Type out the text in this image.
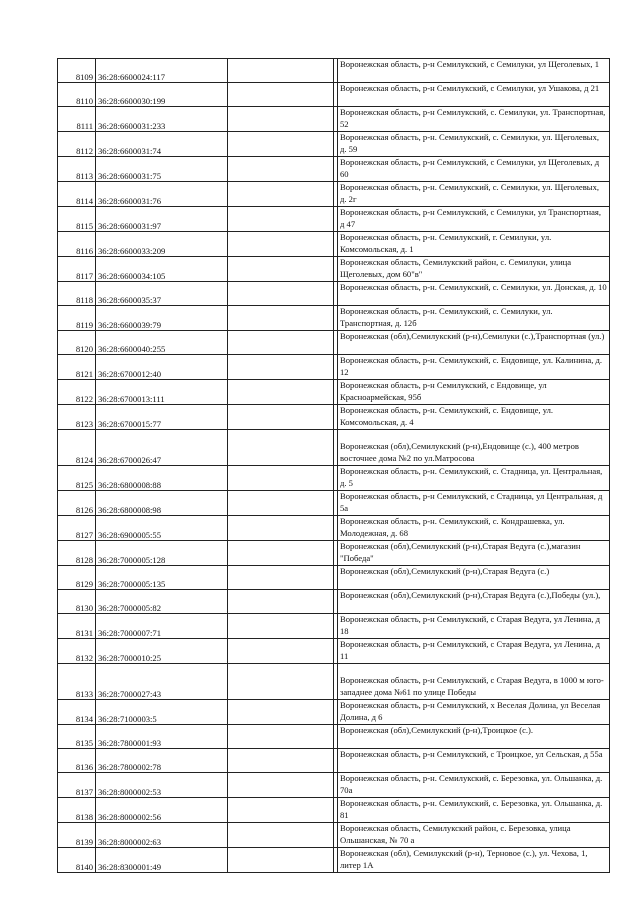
8109	36:28:6600024:117			Воронежская область, р-н Семилукский, с Семилуки, ул Щеголевых, 1

8110	36:28:6600030:199			Воронежская область, р-н Семилукский, с Семилуки, ул Ушакова, д 21

8111	36:28:6600031:233			Воронежская область, р-н Семилукский, с. Семилуки, ул. Транспортная, 52

8112	36:28:6600031:74			Воронежская область, р-н. Семилукский, с. Семилуки, ул. Щеголевых, д. 59

8113	36:28:6600031:75			Воронежская область, р-н Семилукский, с Семилуки, ул Щеголевых, д 60

8114	36:28:6600031:76			Воронежская область, р-н. Семилукский, с. Семилуки, ул. Щеголевых, д. 2г

8115	36:28:6600031:97			Воронежская область, р-н Семилукский, с Семилуки, ул Транспортная, д 47

8116	36:28:6600033:209			Воронежская область, р-н. Семилукский, г. Семилуки, ул. Комсомольская, д. 1

8117	36:28:6600034:105			Воронежская область, Семилукский район, с. Семилуки, улица Щеголевых, дом 60"в"

8118	36:28:6600035:37			Воронежская область, р-н. Семилукский, с. Семилуки, ул. Донская, д. 10

8119	36:28:6600039:79			Воронежская область, р-н. Семилукский, с. Семилуки, ул. Транспортная, д. 12б

8120	36:28:6600040:255			Воронежская (обл),Семилукский (р-н),Семилуки (с.),Транспортная (ул.)

8121	36:28:6700012:40			Воронежская область, р-н. Семилукский, с. Ендовище, ул. Калинина, д. 12

8122	36:28:6700013:111			Воронежская область, р-н Семилукский, с Ендовище, ул Красноармейская, 95б

8123	36:28:6700015:77			Воронежская область, р-н. Семилукский, с. Ендовище, ул. Комсомольская, д. 4

8124	36:28:6700026:47			Воронежская (обл),Семилукский (р-н),Ендовище (с.), 400 метров восточнее дома №2 по ул.Матросова

8125	36:28:6800008:88			Воронежская область, р-н. Семилукский, с. Стадница, ул. Центральная, д. 5

8126	36:28:6800008:98			Воронежская область, р-н Семилукский, с Стадница, ул Центральная, д 5а

8127	36:28:6900005:55			Воронежская область, р-н. Семилукский, с. Кондрашевка, ул. Молодежная, д. 68

8128	36:28:7000005:128			Воронежская (обл),Семилукский (р-н),Старая Ведуга (с.),магазин "Победа"

8129	36:28:7000005:135			Воронежская (обл),Семилукский (р-н),Старая Ведуга (с.)

8130	36:28:7000005:82			Воронежская (обл),Семилукский (р-н),Старая Ведуга (с.),Победы (ул.),

8131	36:28:7000007:71			Воронежская область, р-н Семилукский, с Старая Ведуга, ул Ленина, д 18

8132	36:28:7000010:25			Воронежская область, р-н Семилукский, с Старая Ведуга, ул Ленина, д 11

8133	36:28:7000027:43			Воронежская область, р-н Семилукский, с Старая Ведуга, в 1000 м юго-западнее дома №61 по улице Победы

8134	36:28:7100003:5			Воронежская область, р-н Семилукский, х Веселая Долина, ул Веселая Долина, д 6

8135	36:28:7800001:93			Воронежская (обл),Семилукский (р-н),Троицкое (с.).

8136	36:28:7800002:78			Воронежская область, р-н Семилукский, с Троицкое, ул Сельская, д 55а

8137	36:28:8000002:53			Воронежская область, р-н. Семилукский, с. Березовка, ул. Ольшанка, д. 70а

8138	36:28:8000002:56			Воронежская область, р-н. Семилукский, с. Березовка, ул. Ольшанка, д. 81

8139	36:28:8000002:63			Воронежская область, Семилукский район, с. Березовка, улица Ольшанская, № 70 а

8140	36:28:8300001:49			Воронежская (обл), Семилукский (р-н), Терновое (с.), ул. Чехова, 1, литер 1А
